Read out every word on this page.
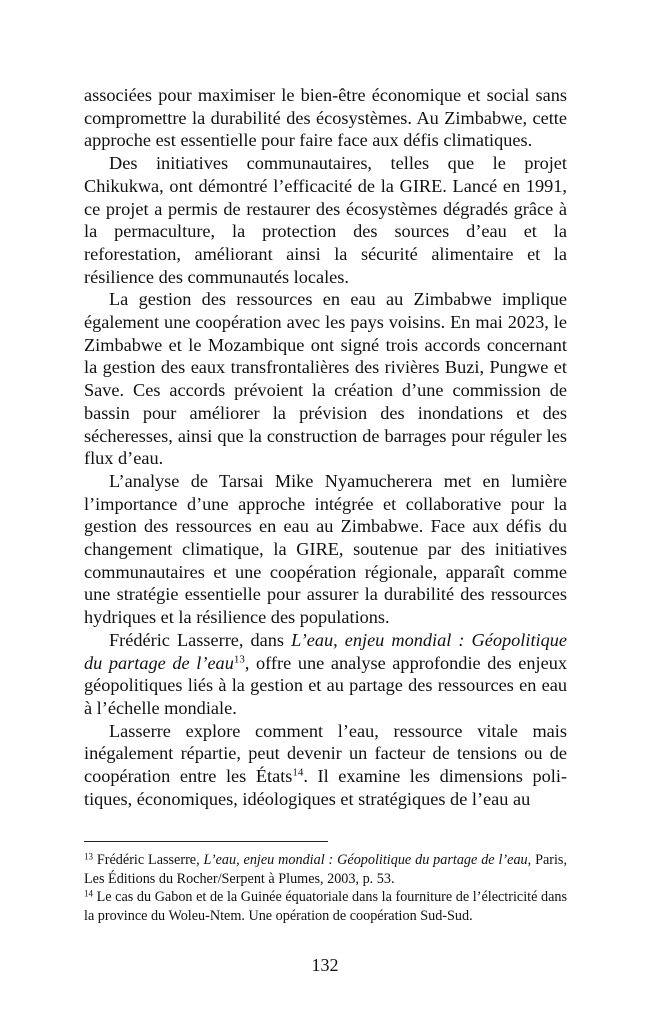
associées pour maximiser le bien-être économique et social sans compromettre la durabilité des écosystèmes. Au Zimbabwe, cette approche est essentielle pour faire face aux défis climatiques.

Des initiatives communautaires, telles que le projet Chikukwa, ont démontré l’efficacité de la GIRE. Lancé en 1991, ce projet a permis de restaurer des écosystèmes dégradés grâce à la permaculture, la protection des sources d’eau et la reforestation, améliorant ainsi la sécurité alimentaire et la résilience des communautés locales.

La gestion des ressources en eau au Zimbabwe implique également une coopération avec les pays voisins. En mai 2023, le Zimbabwe et le Mozambique ont signé trois accords concernant la gestion des eaux transfrontalières des rivières Buzi, Pungwe et Save. Ces accords prévoient la création d’une commission de bassin pour améliorer la prévision des inondations et des sécheresses, ainsi que la construction de barrages pour réguler les flux d’eau.

L’analyse de Tarsai Mike Nyamucherera met en lumière l’importance d’une approche intégrée et collaborative pour la gestion des ressources en eau au Zimbabwe. Face aux défis du changement climatique, la GIRE, soutenue par des initiatives communautaires et une coopération régionale, apparaît comme une stratégie essentielle pour assurer la durabilité des ressources hydriques et la résilience des populations.

Frédéric Lasserre, dans L’eau, enjeu mondial : Géopolitique du partage de l’eau$^{13}$, offre une analyse approfondie des enjeux géopolitiques liés à la gestion et au partage des ressources en eau à l’échelle mondiale.

Lasserre explore comment l’eau, ressource vitale mais inégalement répartie, peut devenir un facteur de tensions ou de coopération entre les États$^{14}$. Il examine les dimensions politiques, économiques, idéologiques et stratégiques de l’eau au

$^{13}$ Frédéric Lasserre, L’eau, enjeu mondial : Géopolitique du partage de l’eau, Paris, Les Éditions du Rocher/Serpent à Plumes, 2003, p. 53.

$^{14}$ Le cas du Gabon et de la Guinée équatoriale dans la fourniture de l’électricité dans la province du Woleu-Ntem. Une opération de coopération Sud-Sud.

132
